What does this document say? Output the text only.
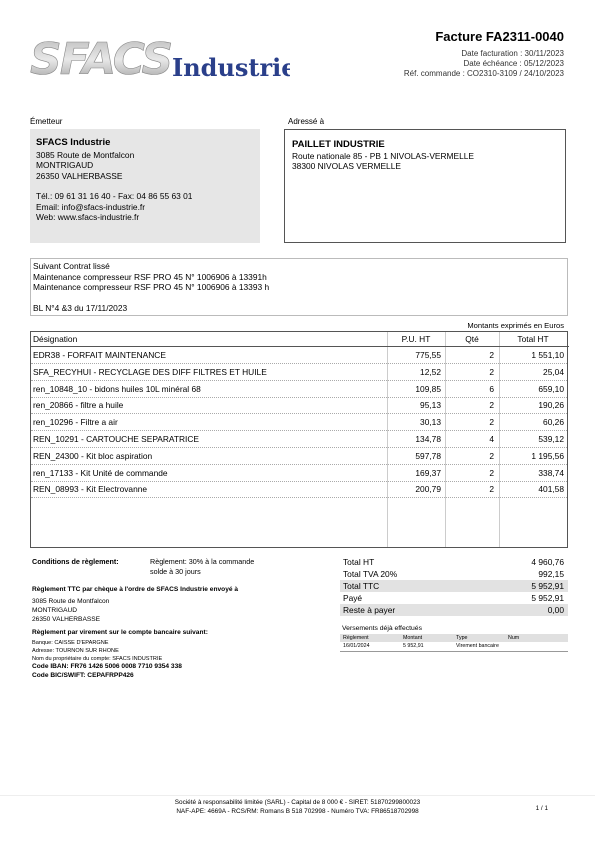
SFACS Industrie
Facture FA2311-0040
Date facturation : 30/11/2023
Date échéance : 05/12/2023
Réf. commande : CO2310-3109 / 24/10/2023
Émetteur	Adressé à
SFACS Industrie
3085 Route de Montfalcon
MONTRIGAUD
26350 VALHERBASSE
Tél.: 09 61 31 16 40 - Fax: 04 86 55 63 01
Email: info@sfacs-industrie.fr
Web: www.sfacs-industrie.fr
PAILLET INDUSTRIE
Route nationale 85 - PB 1 NIVOLAS-VERMELLE
38300 NIVOLAS VERMELLE
Suivant Contrat lissé
Maintenance compresseur RSF PRO 45 N° 1006906 à 13391h
Maintenance compresseur RSF PRO 45 N° 1006906 à 13393 h
BL N°4 &3 du 17/11/2023
Montants exprimés en Euros
Désignation	P.U. HT	Qté	Total HT
EDR38 - FORFAIT MAINTENANCE	775,55	2	1 551,10
SFA_RECYHUI - RECYCLAGE DES DIFF FILTRES ET HUILE	12,52	2	25,04
ren_10848_10 - bidons huiles 10L minéral 68	109,85	6	659,10
ren_20866 - filtre a huile	95,13	2	190,26
ren_10296 - Filtre a air	30,13	2	60,26
REN_10291 - CARTOUCHE SEPARATRICE	134,78	4	539,12
REN_24300 - Kit bloc aspiration	597,78	2	1 195,56
ren_17133 - Kit Unité de commande	169,37	2	338,74
REN_08993 - Kit Electrovanne	200,79	2	401,58
Conditions de règlement:	Règlement: 30% à la commande
solde à 30 jours
Règlement TTC par chèque à l'ordre de SFACS Industrie envoyé à
3085 Route de Montfalcon
MONTRIGAUD
26350 VALHERBASSE
Règlement par virement sur le compte bancaire suivant:
Banque: CAISSE D'EPARGNE
Adresse: TOURNON SUR RHONE
Nom du propriétaire du compte: SFACS INDUSTRIE
Code IBAN: FR76 1426 5006 0008 7710 9354 338
Code BIC/SWIFT: CEPAFRPP426
Total HT	4 960,76
Total TVA 20%	992,15
Total TTC	5 952,91
Payé	5 952,91
Reste à payer	0,00
Versements déjà effectués
Règlement	Montant	Type	Num
16/01/2024	5 952,91	Virement bancaire
Société à responsabilité limitée (SARL) - Capital de 8 000 € - SIRET: 51870299800023
NAF-APE: 4669A - RCS/RM: Romans B 518 702998 - Numéro TVA: FR86518702998	1 / 1
